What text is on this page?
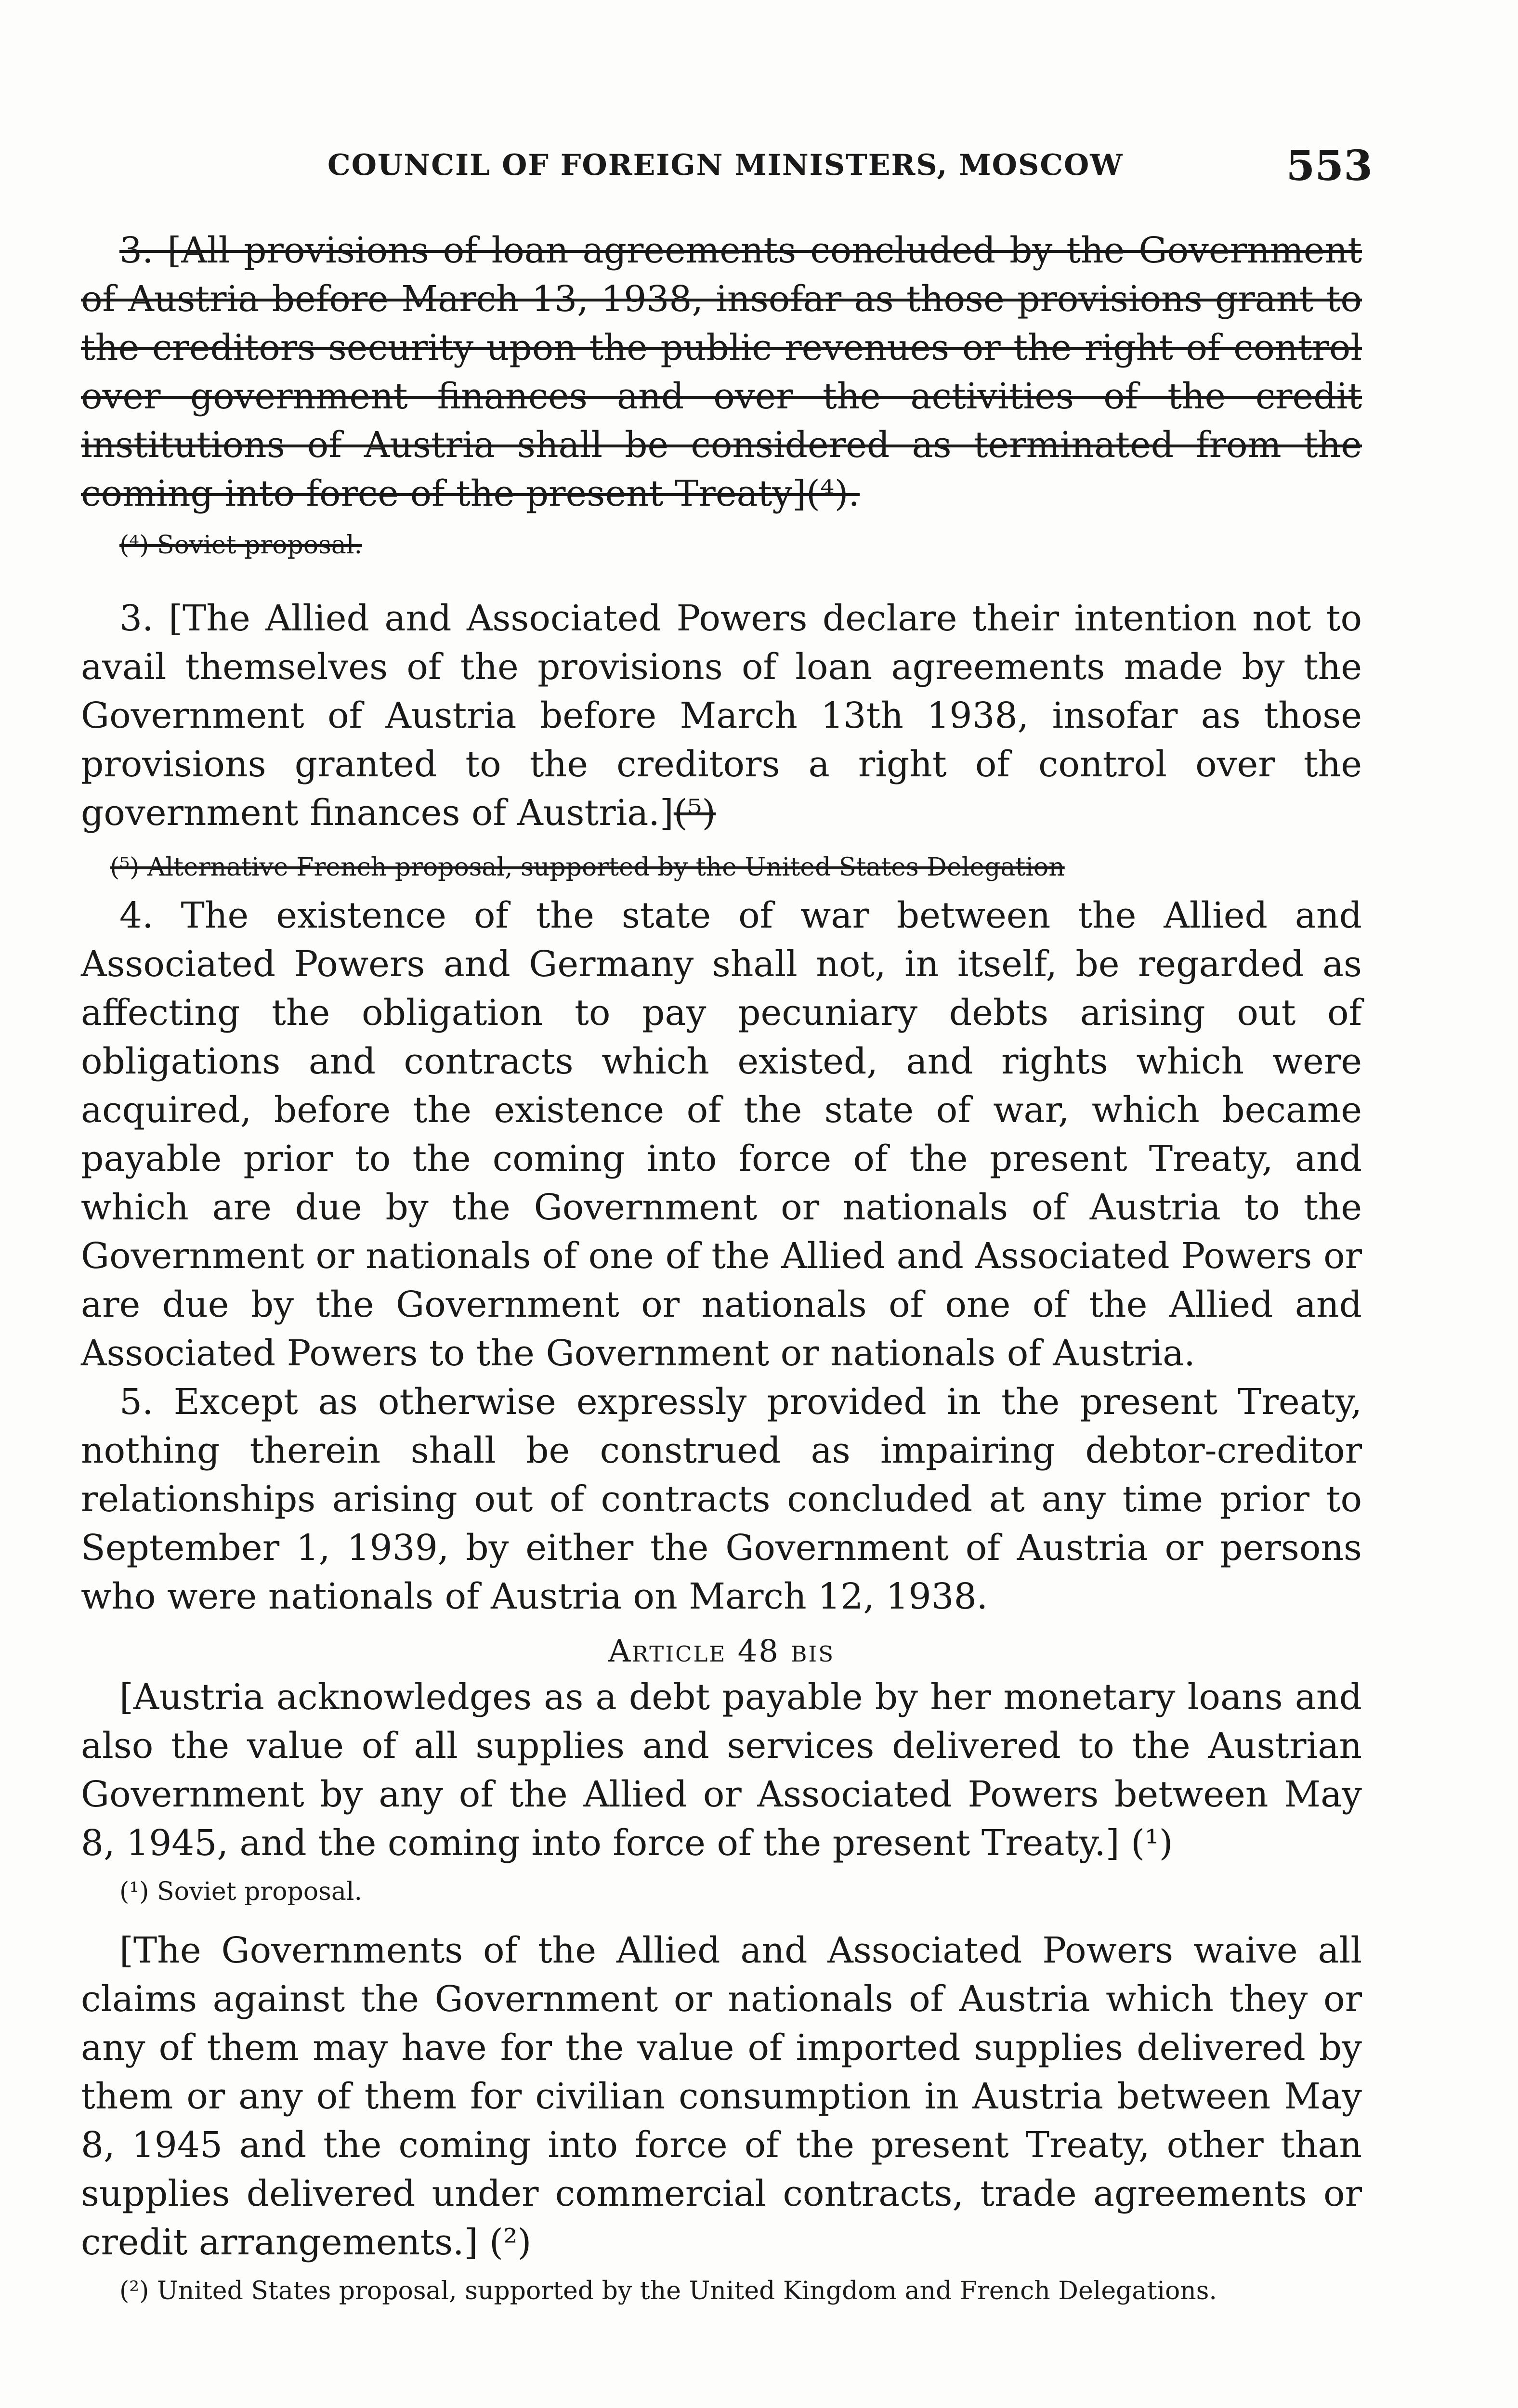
COUNCIL OF FOREIGN MINISTERS, MOSCOW	553

3. [All provisions of loan agreements concluded by the Government of Austria before March 13, 1938, insofar as those provisions grant to the creditors security upon the public revenues or the right of control over government finances and over the activities of the credit institutions of Austria shall be considered as terminated from the coming into force of the present Treaty](⁴).

(⁴) Soviet proposal.

3. [The Allied and Associated Powers declare their intention not to avail themselves of the provisions of loan agreements made by the Government of Austria before March 13th 1938, insofar as those provisions granted to the creditors a right of control over the government finances of Austria.](⁵)

(⁵) Alternative French proposal, supported by the United States Delegation

4. The existence of the state of war between the Allied and Associated Powers and Germany shall not, in itself, be regarded as affecting the obligation to pay pecuniary debts arising out of obligations and contracts which existed, and rights which were acquired, before the existence of the state of war, which became payable prior to the coming into force of the present Treaty, and which are due by the Government or nationals of Austria to the Government or nationals of one of the Allied and Associated Powers or are due by the Government or nationals of one of the Allied and Associated Powers to the Government or nationals of Austria.

5. Except as otherwise expressly provided in the present Treaty, nothing therein shall be construed as impairing debtor-creditor relationships arising out of contracts concluded at any time prior to September 1, 1939, by either the Government of Austria or persons who were nationals of Austria on March 12, 1938.

Article 48 bis

[Austria acknowledges as a debt payable by her monetary loans and also the value of all supplies and services delivered to the Austrian Government by any of the Allied or Associated Powers between May 8, 1945, and the coming into force of the present Treaty.] (¹)

(¹) Soviet proposal.

[The Governments of the Allied and Associated Powers waive all claims against the Government or nationals of Austria which they or any of them may have for the value of imported supplies delivered by them or any of them for civilian consumption in Austria between May 8, 1945 and the coming into force of the present Treaty, other than supplies delivered under commercial contracts, trade agreements or credit arrangements.] (²)

(²) United States proposal, supported by the United Kingdom and French Delegations.
